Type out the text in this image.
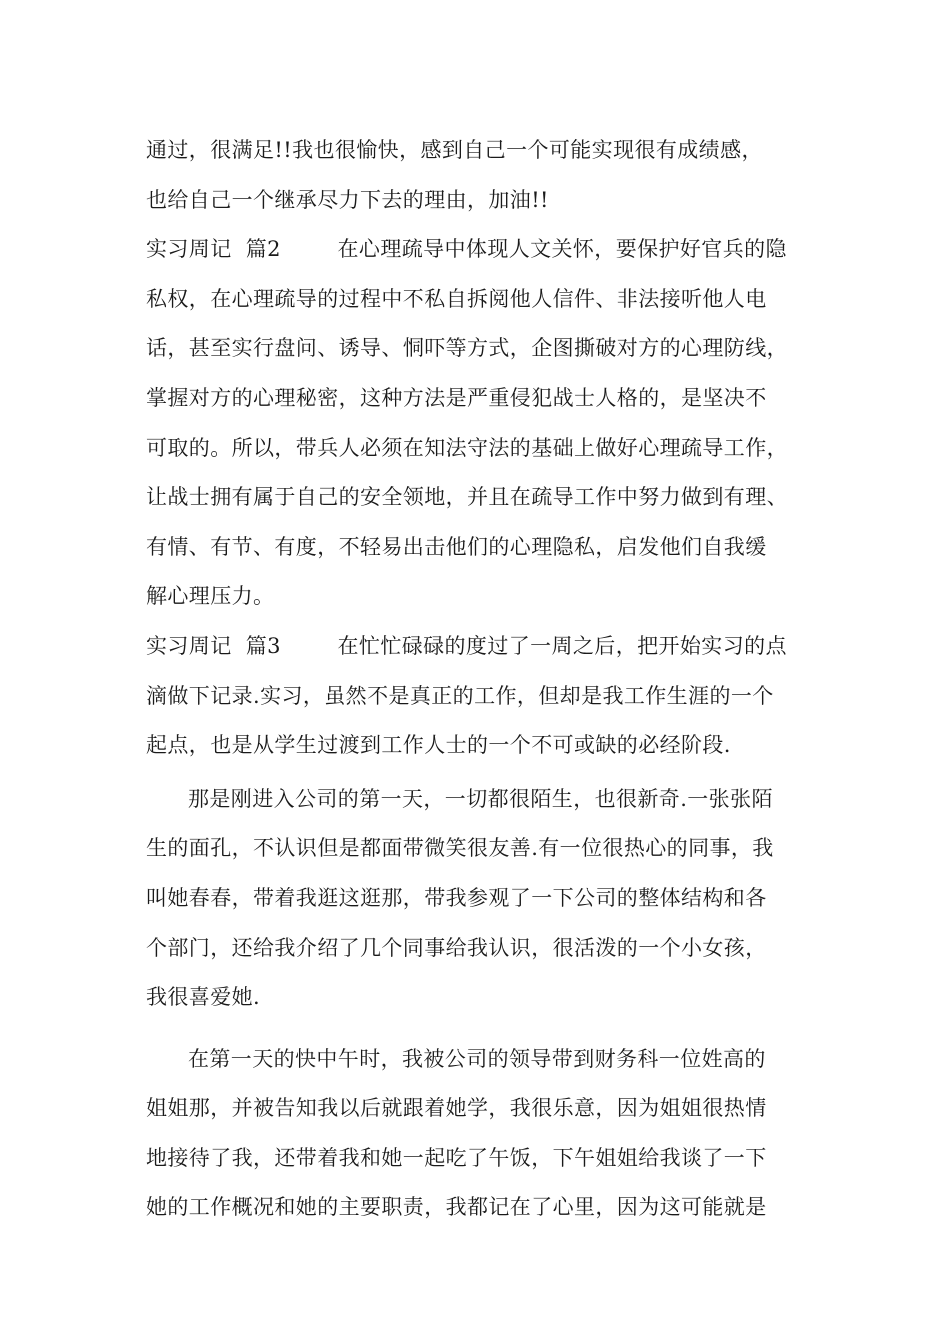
通过，很满足!!我也很愉快，感到自己一个可能实现很有成绩感，
也给自己一个继承尽力下去的理由，加油!!
实习周记  篇2        在心理疏导中体现人文关怀，要保护好官兵的隐
私权，在心理疏导的过程中不私自拆阅他人信件、非法接听他人电
话，甚至实行盘问、诱导、恫吓等方式，企图撕破对方的心理防线，
掌握对方的心理秘密，这种方法是严重侵犯战士人格的，是坚决不
可取的。所以，带兵人必须在知法守法的基础上做好心理疏导工作，
让战士拥有属于自己的安全领地，并且在疏导工作中努力做到有理、
有情、有节、有度，不轻易出击他们的心理隐私，启发他们自我缓
解心理压力。
实习周记  篇3        在忙忙碌碌的度过了一周之后，把开始实习的点
滴做下记录.实习，虽然不是真正的工作，但却是我工作生涯的一个
起点，也是从学生过渡到工作人士的一个不可或缺的必经阶段.
那是刚进入公司的第一天，一切都很陌生，也很新奇.一张张陌
生的面孔，不认识但是都面带微笑很友善.有一位很热心的同事，我
叫她春春，带着我逛这逛那，带我参观了一下公司的整体结构和各
个部门，还给我介绍了几个同事给我认识，很活泼的一个小女孩，
我很喜爱她.
在第一天的快中午时，我被公司的领导带到财务科一位姓高的
姐姐那，并被告知我以后就跟着她学，我很乐意，因为姐姐很热情
地接待了我，还带着我和她一起吃了午饭，下午姐姐给我谈了一下
她的工作概况和她的主要职责，我都记在了心里，因为这可能就是
